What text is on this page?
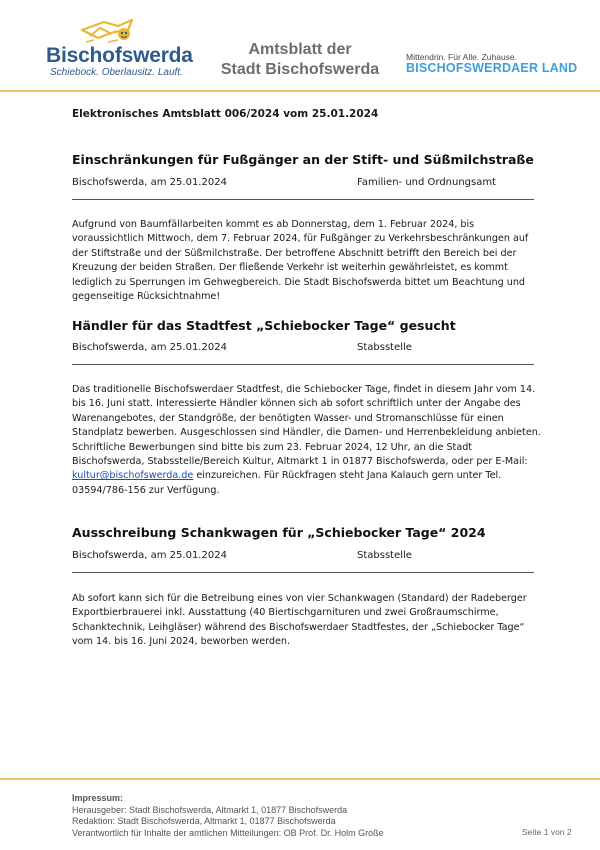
Bischofswerda
Schiebock. Oberlausitz. Lauft.
Amtsblatt der
Stadt Bischofswerda
Mittendrin. Für Alle. Zuhause.
BISCHOFSWERDAER LAND
Elektronisches Amtsblatt 006/2024 vom 25.01.2024
Einschränkungen für Fußgänger an der Stift- und Süßmilchstraße
Bischofswerda, am 25.01.2024	Familien- und Ordnungsamt

Aufgrund von Baumfällarbeiten kommt es ab Donnerstag, dem 1. Februar 2024, bis voraussichtlich Mittwoch, dem 7. Februar 2024, für Fußgänger zu Verkehrsbeschränkungen auf der Stiftstraße und der Süßmilchstraße. Der betroffene Abschnitt betrifft den Bereich bei der Kreuzung der beiden Straßen. Der fließende Verkehr ist weiterhin gewährleistet, es kommt lediglich zu Sperrungen im Gehwegbereich. Die Stadt Bischofswerda bittet um Beachtung und gegenseitige Rücksichtnahme!

Händler für das Stadtfest „Schiebocker Tage“ gesucht
Bischofswerda, am 25.01.2024	Stabsstelle

Das traditionelle Bischofswerdaer Stadtfest, die Schiebocker Tage, findet in diesem Jahr vom 14. bis 16. Juni statt. Interessierte Händler können sich ab sofort schriftlich unter der Angabe des Warenangebotes, der Standgröße, der benötigten Wasser- und Stromanschlüsse für einen Standplatz bewerben. Ausgeschlossen sind Händler, die Damen- und Herrenbekleidung anbieten.

Schriftliche Bewerbungen sind bitte bis zum 23. Februar 2024, 12 Uhr, an die Stadt Bischofswerda, Stabsstelle/Bereich Kultur, Altmarkt 1 in 01877 Bischofswerda, oder per E-Mail:
kultur@bischofswerda.de einzureichen. Für Rückfragen steht Jana Kalauch gern unter Tel. 03594/786-156 zur Verfügung.

Ausschreibung Schankwagen für „Schiebocker Tage“ 2024
Bischofswerda, am 25.01.2024	Stabsstelle

Ab sofort kann sich für die Betreibung eines von vier Schankwagen (Standard) der Radeberger Exportbierbrauerei inkl. Ausstattung (40 Biertischgarnituren und zwei Großraumschirme, Schanktechnik, Leihgläser) während des Bischofswerdaer Stadtfestes, der „Schiebocker Tage“ vom 14. bis 16. Juni 2024, beworben werden.

Impressum:
Herausgeber: Stadt Bischofswerda, Altmarkt 1, 01877 Bischofswerda
Redaktion: Stadt Bischofswerda, Altmarkt 1, 01877 Bischofswerda
Verantwortlich für Inhalte der amtlichen Mitteilungen: OB Prof. Dr. Holm Große	Seite 1 von 2
